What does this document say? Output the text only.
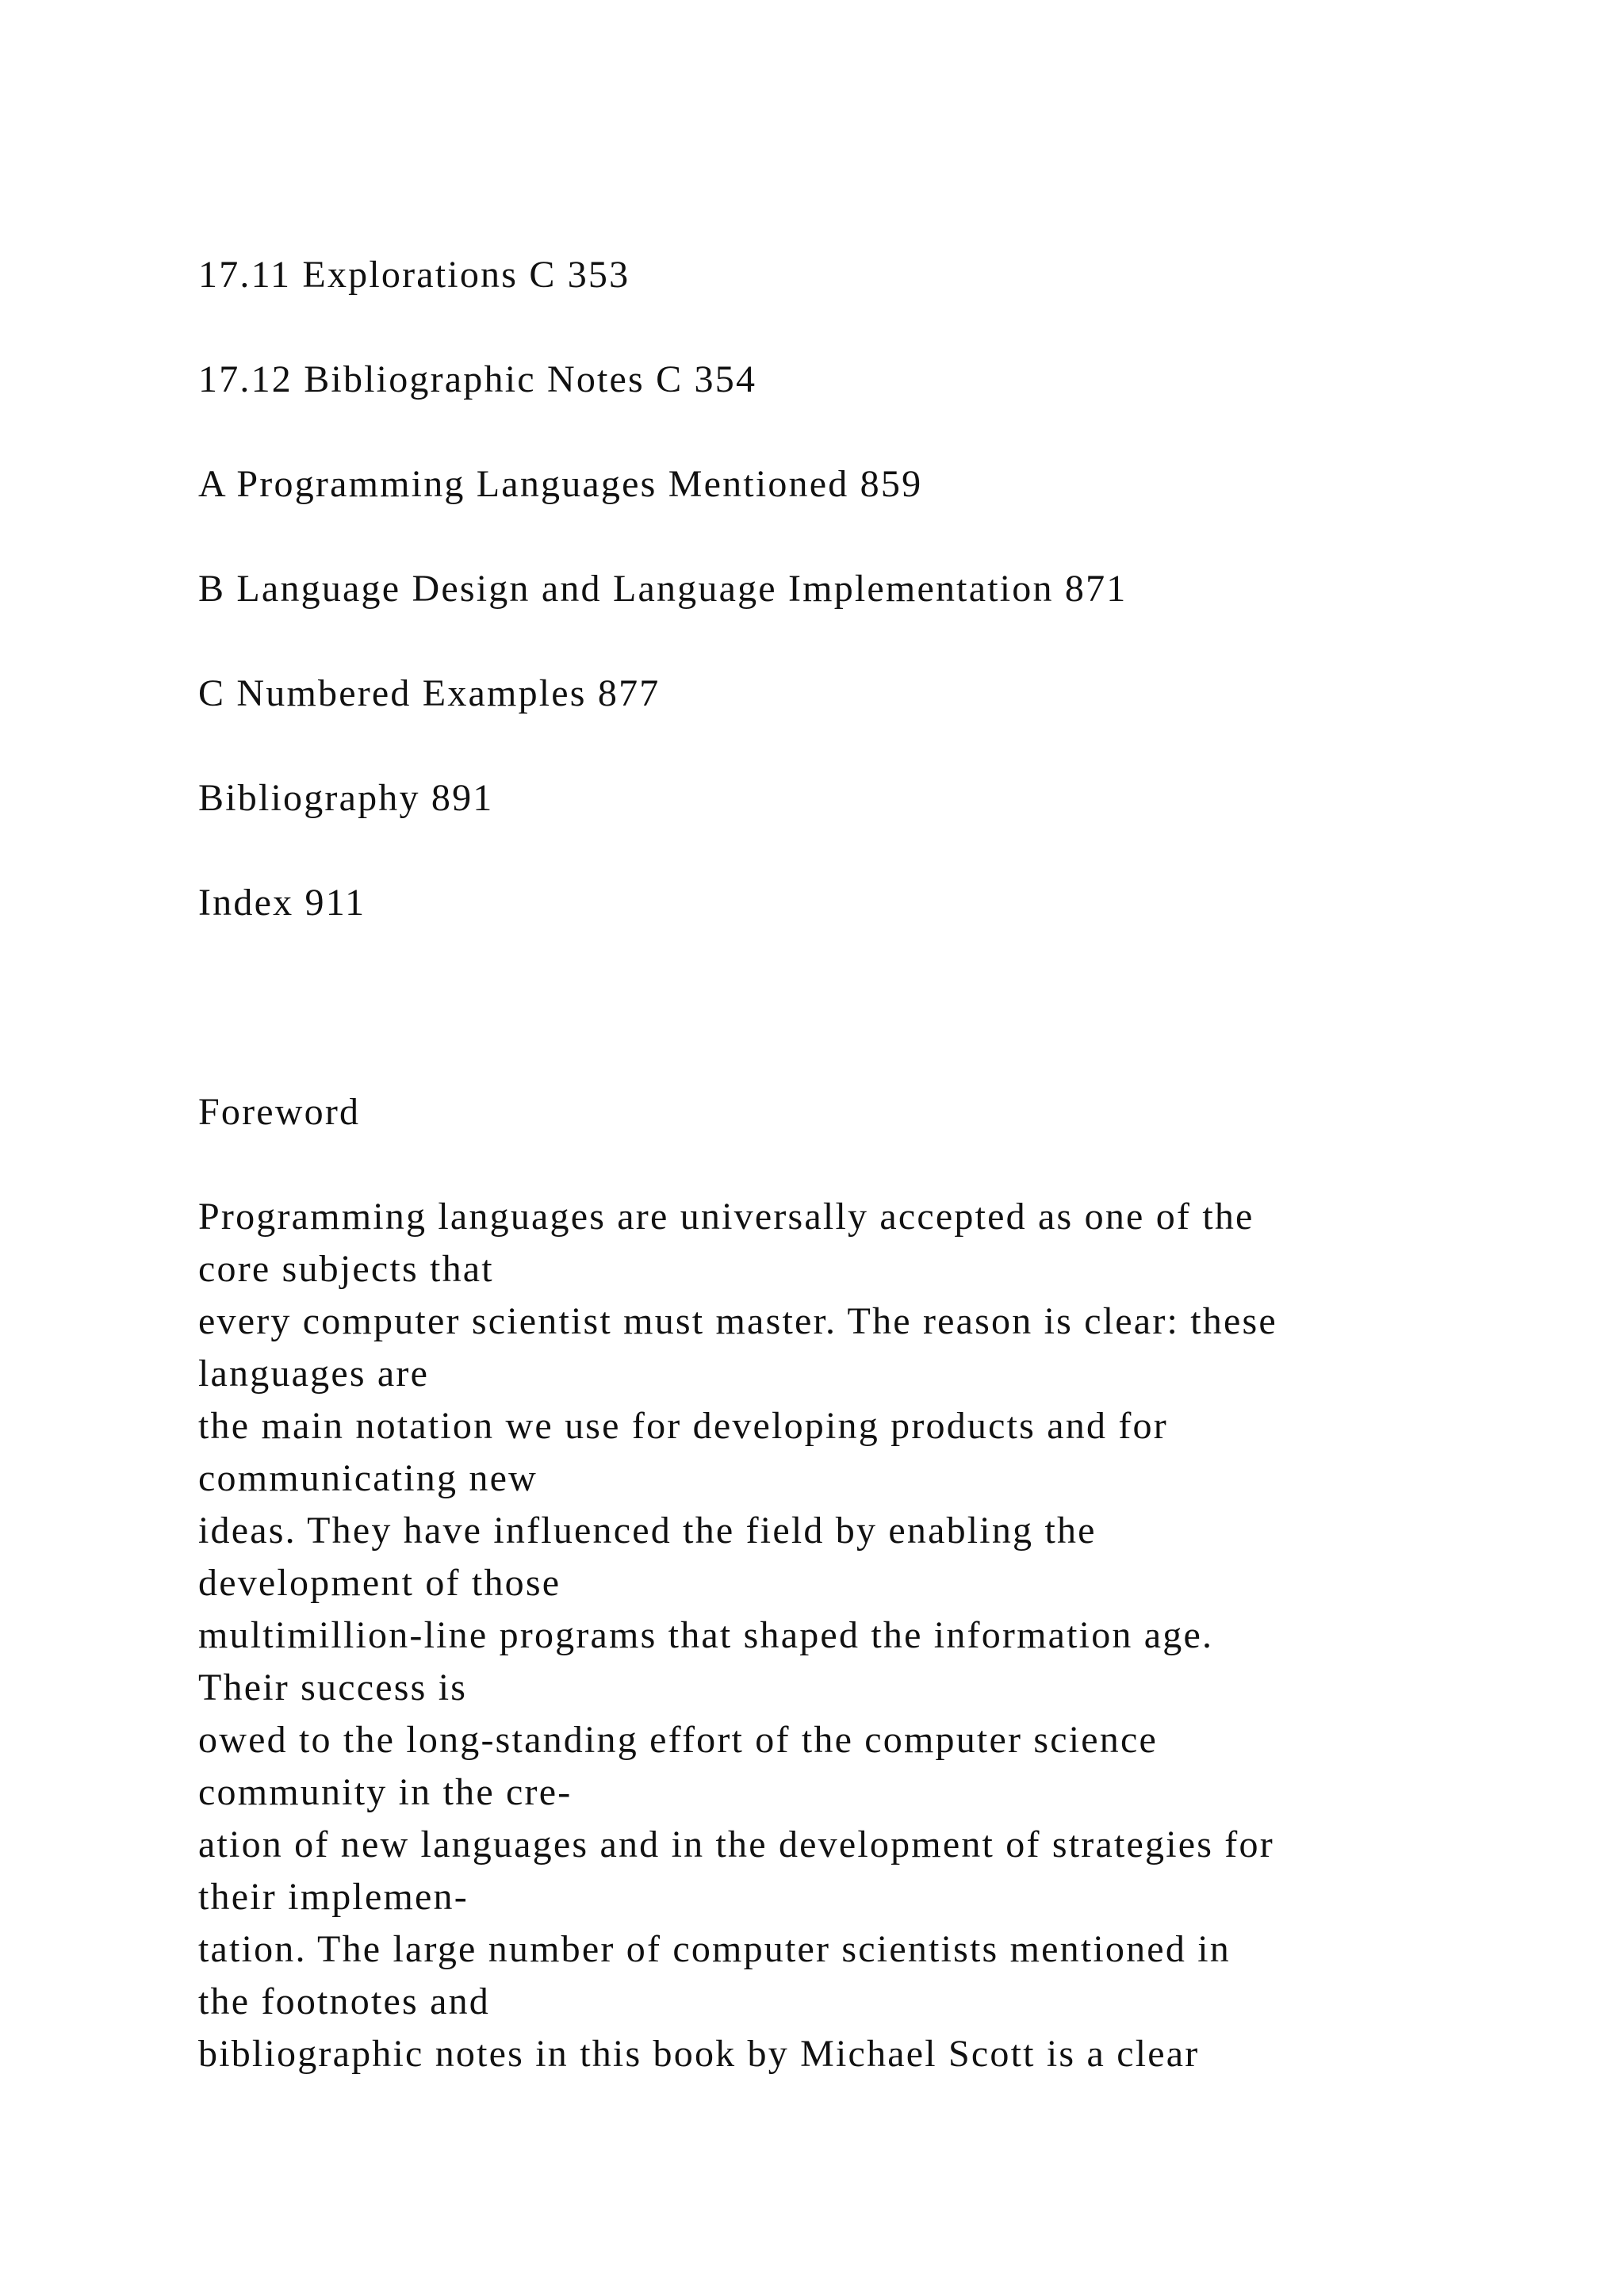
17.11 Explorations C 353

17.12 Bibliographic Notes C 354

A Programming Languages Mentioned 859

B Language Design and Language Implementation 871

C Numbered Examples 877

Bibliography 891

Index 911

Foreword

Programming languages are universally accepted as one of the

core subjects that

every computer scientist must master. The reason is clear: these

languages are

the main notation we use for developing products and for

communicating new

ideas. They have influenced the field by enabling the

development of those

multimillion-line programs that shaped the information age.

Their success is

owed to the long-standing effort of the computer science

community in the cre-

ation of new languages and in the development of strategies for

their implemen-

tation. The large number of computer scientists mentioned in

the footnotes and

bibliographic notes in this book by Michael Scott is a clear
